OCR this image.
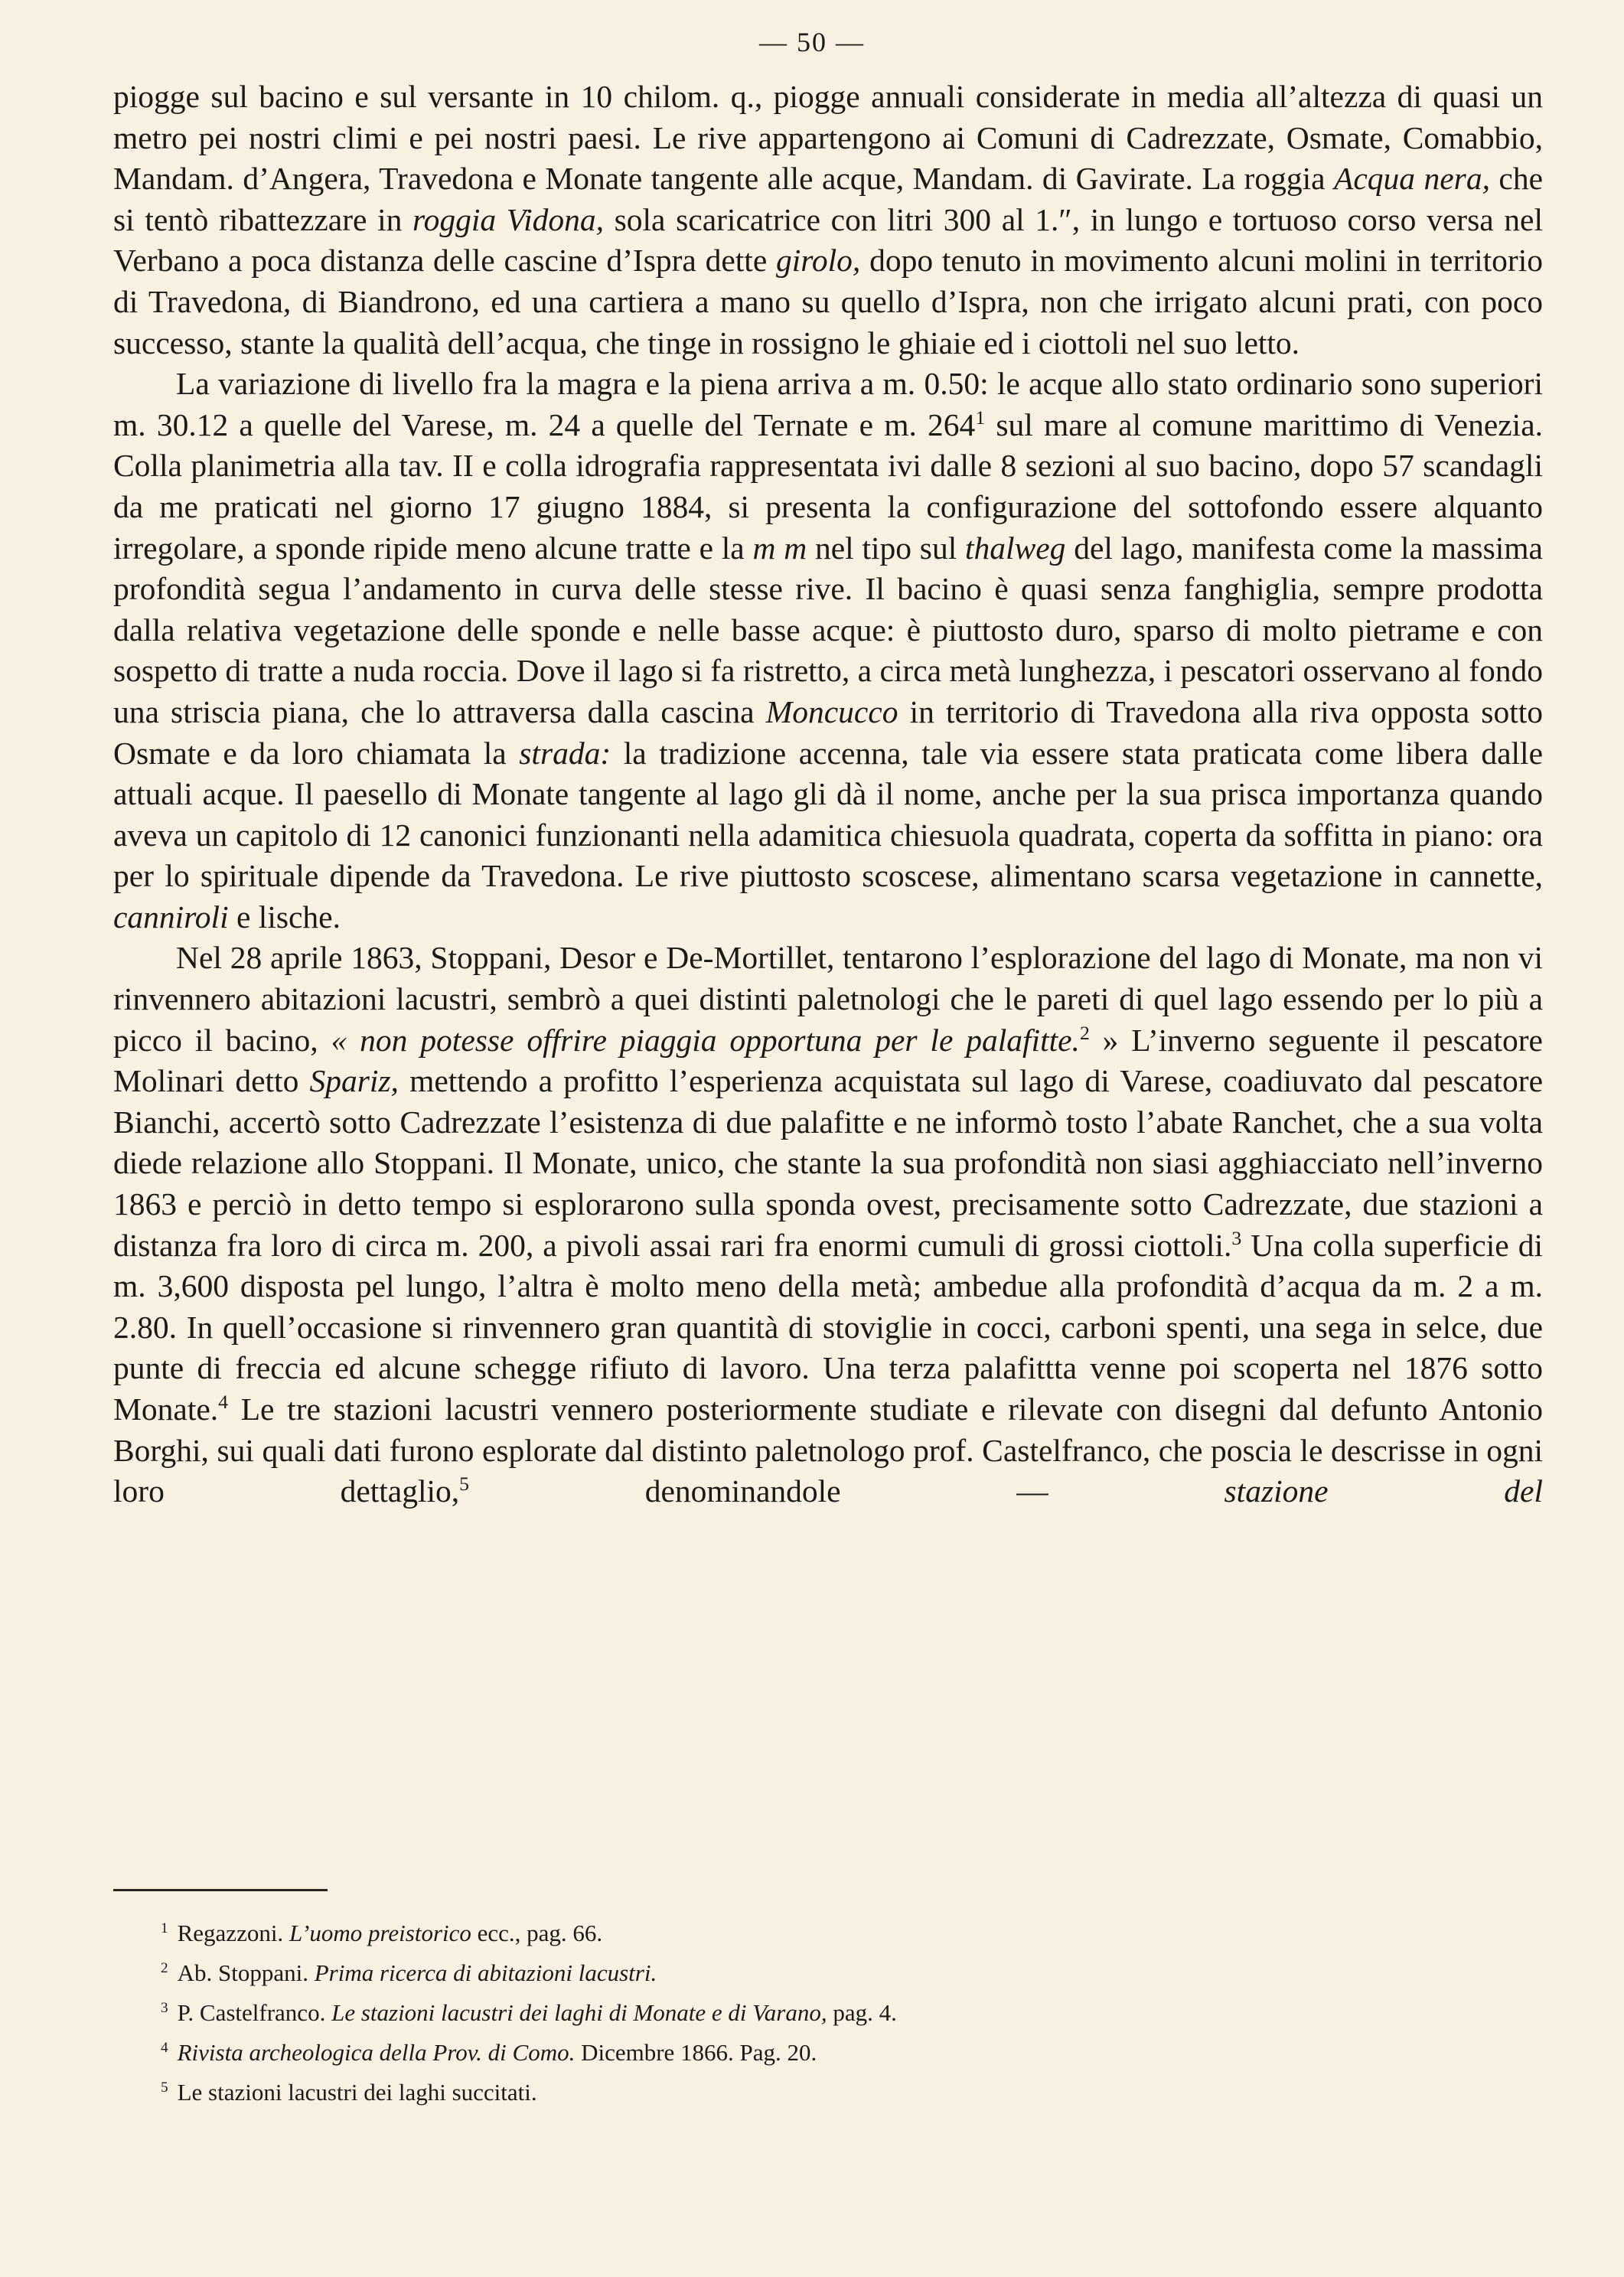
— 50 —

piogge sul bacino e sul versante in 10 chilom. q., piogge annuali considerate in media all’altezza di quasi un metro pei nostri climi e pei nostri paesi. Le rive appartengono ai Comuni di Cadrezzate, Osmate, Comabbio, Mandam. d’Angera, Travedona e Monate tangente alle acque, Mandam. di Gavirate. La roggia Acqua nera, che si tentò ribattezzare in roggia Vidona, sola scaricatrice con litri 300 al 1.″, in lungo e tortuoso corso versa nel Verbano a poca distanza delle cascine d’Ispra dette girolo, dopo tenuto in movimento alcuni molini in territorio di Travedona, di Biandrono, ed una cartiera a mano su quello d’Ispra, non che irrigato alcuni prati, con poco successo, stante la qualità dell’acqua, che tinge in rossigno le ghiaie ed i ciottoli nel suo letto.

La variazione di livello fra la magra e la piena arriva a m. 0.50: le acque allo stato ordinario sono superiori m. 30.12 a quelle del Varese, m. 24 a quelle del Ternate e m. $264^1$ sul mare al comune marittimo di Venezia. Colla planimetria alla tav. II e colla idrografia rappresentata ivi dalle 8 sezioni al suo bacino, dopo 57 scandagli da me praticati nel giorno 17 giugno 1884, si presenta la configurazione del sottofondo essere alquanto irregolare, a sponde ripide meno alcune tratte e la m m nel tipo sul thalweg del lago, manifesta come la massima profondità segua l’andamento in curva delle stesse rive. Il bacino è quasi senza fanghiglia, sempre prodotta dalla relativa vegetazione delle sponde e nelle basse acque: è piuttosto duro, sparso di molto pietrame e con sospetto di tratte a nuda roccia. Dove il lago si fa ristretto, a circa metà lunghezza, i pescatori osservano al fondo una striscia piana, che lo attraversa dalla cascina Moncucco in territorio di Travedona alla riva opposta sotto Osmate e da loro chiamata la strada: la tradizione accenna, tale via essere stata praticata come libera dalle attuali acque. Il paesello di Monate tangente al lago gli dà il nome, anche per la sua prisca importanza quando aveva un capitolo di 12 canonici funzionanti nella adamitica chiesuola quadrata, coperta da soffitta in piano: ora per lo spirituale dipende da Travedona. Le rive piuttosto scoscese, alimentano scarsa vegetazione in cannette, canniroli e lische.

Nel 28 aprile 1863, Stoppani, Desor e De-Mortillet, tentarono l’esplorazione del lago di Monate, ma non vi rinvennero abitazioni lacustri, sembrò a quei distinti paletnologi che le pareti di quel lago essendo per lo più a picco il bacino, « non potesse offrire piaggia opportuna per le palafitte.$^2$ » L’inverno seguente il pescatore Molinari detto Spariz, mettendo a profitto l’esperienza acquistata sul lago di Varese, coadiuvato dal pescatore Bianchi, accertò sotto Cadrezzate l’esistenza di due palafitte e ne informò tosto l’abate Ranchet, che a sua volta diede relazione allo Stoppani. Il Monate, unico, che stante la sua profondità non siasi agghiacciato nell’inverno 1863 e perciò in detto tempo si esplorarono sulla sponda ovest, precisamente sotto Cadrezzate, due stazioni a distanza fra loro di circa m. 200, a pivoli assai rari fra enormi cumuli di grossi ciottoli.$^3$ Una colla superficie di m. 3,600 disposta pel lungo, l’altra è molto meno della metà; ambedue alla profondità d’acqua da m. 2 a m. 2.80. In quell’occasione si rinvennero gran quantità di stoviglie in cocci, carboni spenti, una sega in selce, due punte di freccia ed alcune schegge rifiuto di lavoro. Una terza palafittta venne poi scoperta nel 1876 sotto Monate.$^4$ Le tre stazioni lacustri vennero posteriormente studiate e rilevate con disegni dal defunto Antonio Borghi, sui quali dati furono esplorate dal distinto paletnologo prof. Castelfranco, che poscia le descrisse in ogni loro dettaglio,$^5$ denominandole — stazione del

$^1$ Regazzoni. L’uomo preistorico ecc., pag. 66.
$^2$ Ab. Stoppani. Prima ricerca di abitazioni lacustri.
$^3$ P. Castelfranco. Le stazioni lacustri dei laghi di Monate e di Varano, pag. 4.
$^4$ Rivista archeologica della Prov. di Como. Dicembre 1866. Pag. 20.
$^5$ Le stazioni lacustri dei laghi succitati.
